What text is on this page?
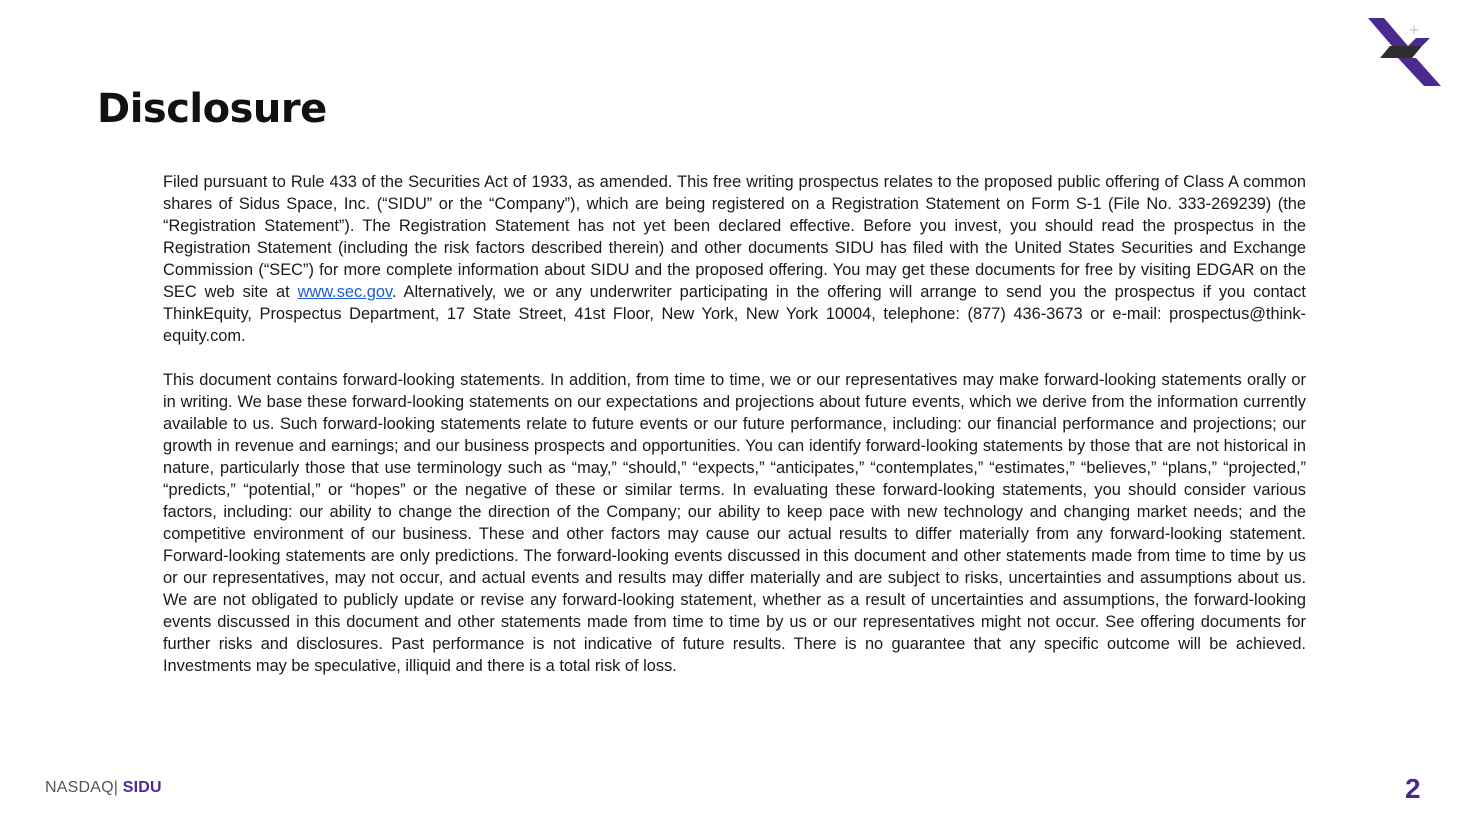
Disclosure

Filed pursuant to Rule 433 of the Securities Act of 1933, as amended. This free writing prospectus relates to the proposed public offering of Class A common shares of Sidus Space, Inc. (“SIDU” or the “Company”), which are being registered on a Registration Statement on Form S-1 (File No. 333-269239) (the “Registration Statement”). The Registration Statement has not yet been declared effective. Before you invest, you should read the prospectus in the Registration Statement (including the risk factors described therein) and other documents SIDU has filed with the United States Securities and Exchange Commission (“SEC”) for more complete information about SIDU and the proposed offering. You may get these documents for free by visiting EDGAR on the SEC web site at www.sec.gov. Alternatively, we or any underwriter participating in the offering will arrange to send you the prospectus if you contact ThinkEquity, Prospectus Department, 17 State Street, 41st Floor, New York, New York 10004, telephone: (877) 436-3673 or e-mail: prospectus@think-equity.com.

This document contains forward-looking statements. In addition, from time to time, we or our representatives may make forward-looking statements orally or in writing. We base these forward-looking statements on our expectations and projections about future events, which we derive from the information currently available to us. Such forward-looking statements relate to future events or our future performance, including: our financial performance and projections; our growth in revenue and earnings; and our business prospects and opportunities. You can identify forward-looking statements by those that are not historical in nature, particularly those that use terminology such as “may,” “should,” “expects,” “anticipates,” “contemplates,” “estimates,” “believes,” “plans,” “projected,” “predicts,” “potential,” or “hopes” or the negative of these or similar terms. In evaluating these forward-looking statements, you should consider various factors, including: our ability to change the direction of the Company; our ability to keep pace with new technology and changing market needs; and the competitive environment of our business. These and other factors may cause our actual results to differ materially from any forward-looking statement. Forward-looking statements are only predictions. The forward-looking events discussed in this document and other statements made from time to time by us or our representatives, may not occur, and actual events and results may differ materially and are subject to risks, uncertainties and assumptions about us. We are not obligated to publicly update or revise any forward-looking statement, whether as a result of uncertainties and assumptions, the forward-looking events discussed in this document and other statements made from time to time by us or our representatives might not occur. See offering documents for further risks and disclosures. Past performance is not indicative of future results. There is no guarantee that any specific outcome will be achieved. Investments may be speculative, illiquid and there is a total risk of loss.

NASDAQ| SIDU	2
